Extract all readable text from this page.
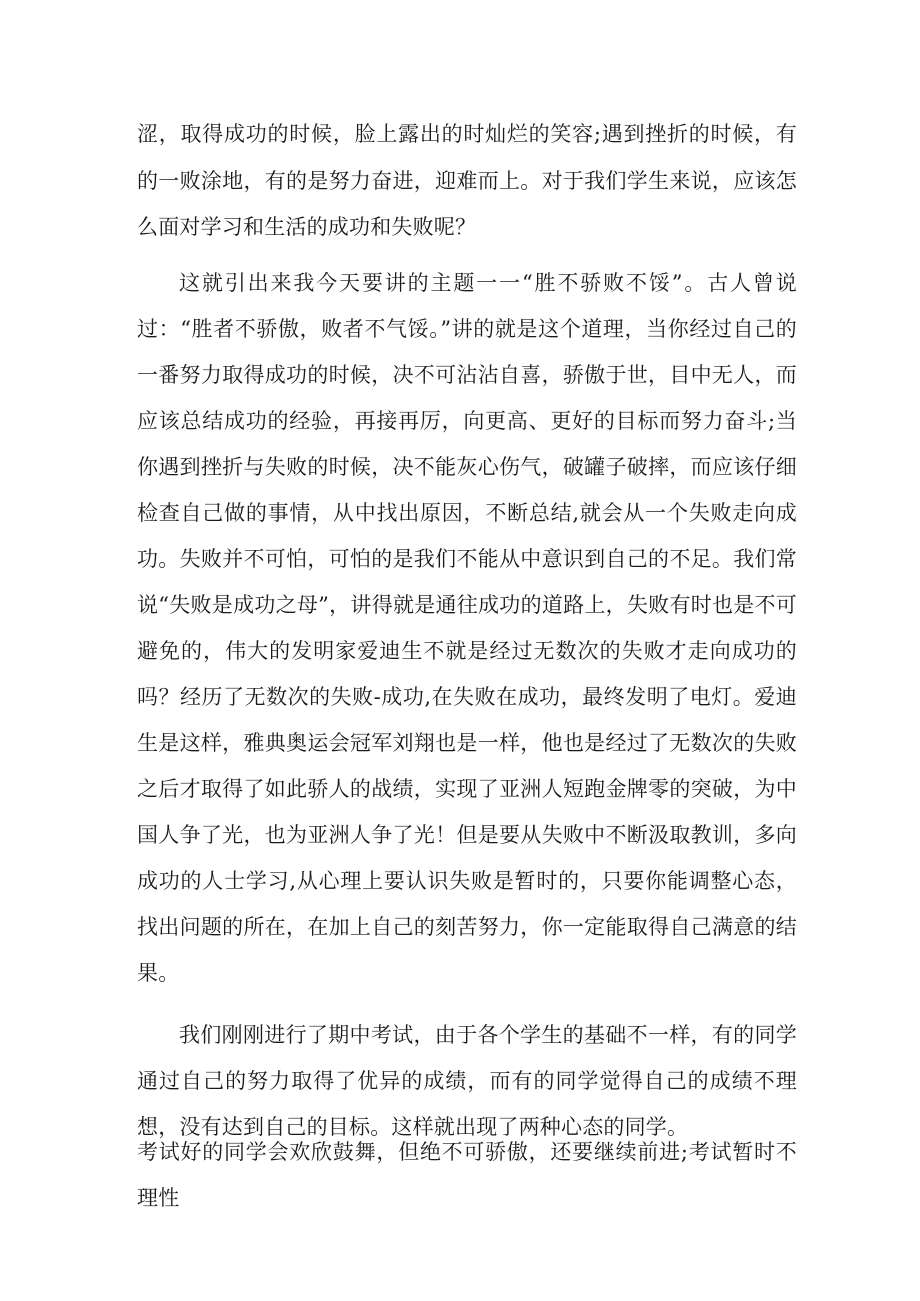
涩，取得成功的时候，脸上露出的时灿烂的笑容;遇到挫折的时候，有的一败涂地，有的是努力奋进，迎难而上。对于我们学生来说，应该怎么面对学习和生活的成功和失败呢？

这就引出来我今天要讲的主题一一“胜不骄败不馁”。古人曾说过：“胜者不骄傲，败者不气馁。”讲的就是这个道理，当你经过自己的一番努力取得成功的时候，决不可沾沾自喜，骄傲于世，目中无人，而应该总结成功的经验，再接再厉，向更高、更好的目标而努力奋斗;当你遇到挫折与失败的时候，决不能灰心伤气，破罐子破摔，而应该仔细检查自己做的事情，从中找出原因，不断总结,就会从一个失败走向成功。失败并不可怕，可怕的是我们不能从中意识到自己的不足。我们常说“失败是成功之母”，讲得就是通往成功的道路上，失败有时也是不可避免的，伟大的发明家爱迪生不就是经过无数次的失败才走向成功的吗？经历了无数次的失败-成功,在失败在成功，最终发明了电灯。爱迪生是这样，雅典奥运会冠军刘翔也是一样，他也是经过了无数次的失败之后才取得了如此骄人的战绩，实现了亚洲人短跑金牌零的突破，为中国人争了光，也为亚洲人争了光！但是要从失败中不断汲取教训，多向成功的人士学习,从心理上要认识失败是暂时的，只要你能调整心态，找出问题的所在，在加上自己的刻苦努力，你一定能取得自己满意的结果。

我们刚刚进行了期中考试，由于各个学生的基础不一样，有的同学通过自己的努力取得了优异的成绩，而有的同学觉得自己的成绩不理想，没有达到自己的目标。这样就出现了两种心态的同学。

考试好的同学会欢欣鼓舞，但绝不可骄傲，还要继续前进;考试暂时不理性
